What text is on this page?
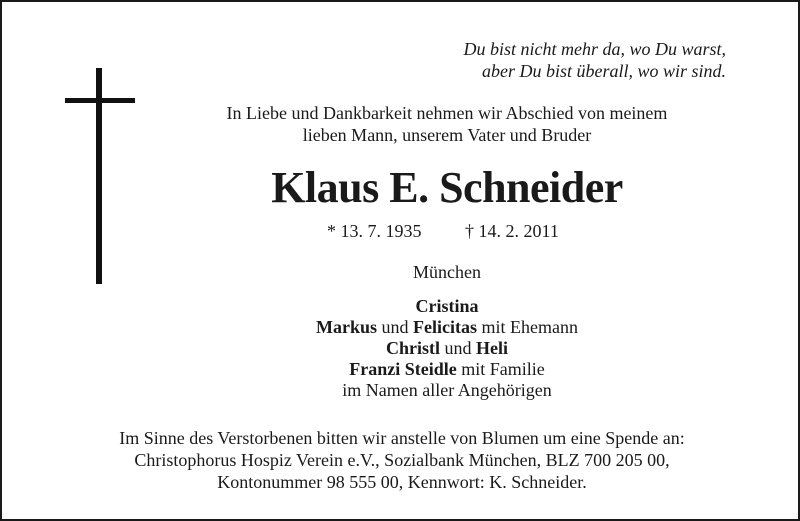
Du bist nicht mehr da, wo Du warst,
aber Du bist überall, wo wir sind.
In Liebe und Dankbarkeit nehmen wir Abschied von meinem
lieben Mann, unserem Vater und Bruder
Klaus E. Schneider
* 13. 7. 1935 † 14. 2. 2011
München
Cristina
Markus und Felicitas mit Ehemann
Christl und Heli
Franzi Steidle mit Familie
im Namen aller Angehörigen
Im Sinne des Verstorbenen bitten wir anstelle von Blumen um eine Spende an:
Christophorus Hospiz Verein e.V., Sozialbank München, BLZ 700 205 00,
Kontonummer 98 555 00, Kennwort: K. Schneider.
